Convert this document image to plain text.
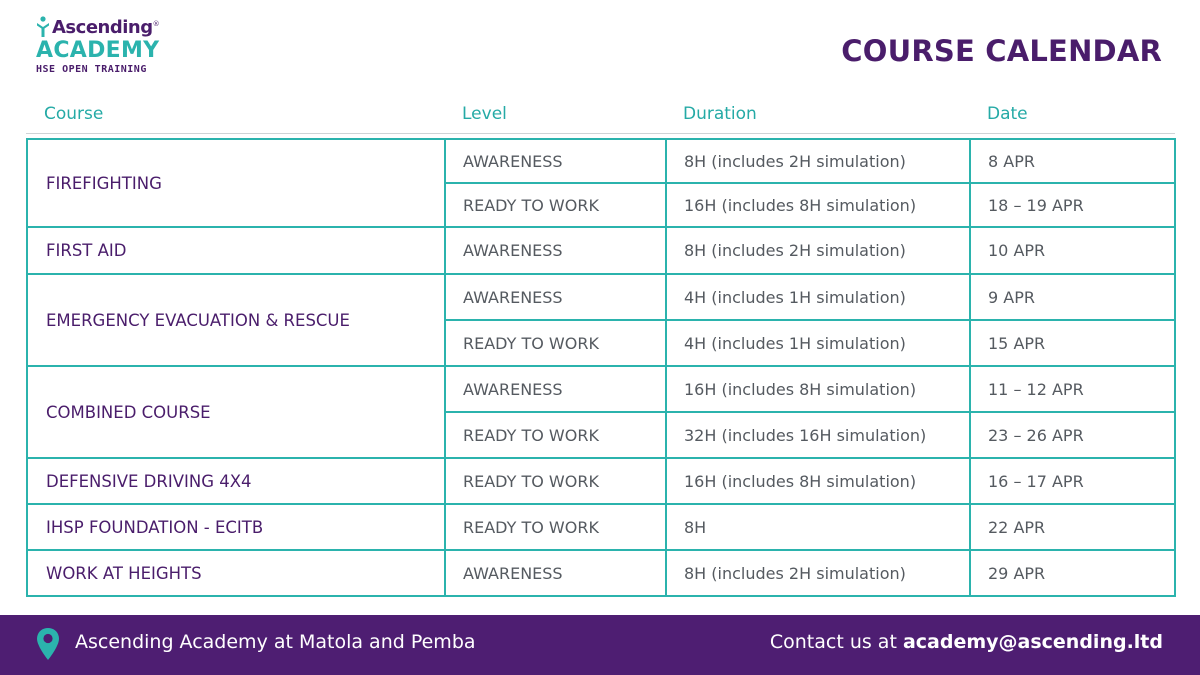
Ascending®
ACADEMY
HSE OPEN TRAINING
COURSE CALENDAR
Course	Level	Duration	Date
FIREFIGHTING	AWARENESS	8H (includes 2H simulation)	8 APR
	READY TO WORK	16H (includes 8H simulation)	18 – 19 APR
FIRST AID	AWARENESS	8H (includes 2H simulation)	10 APR
EMERGENCY EVACUATION & RESCUE	AWARENESS	4H (includes 1H simulation)	9 APR
	READY TO WORK	4H (includes 1H simulation)	15 APR
COMBINED COURSE	AWARENESS	16H (includes 8H simulation)	11 – 12 APR
	READY TO WORK	32H (includes 16H simulation)	23 – 26 APR
DEFENSIVE DRIVING 4X4	READY TO WORK	16H (includes 8H simulation)	16 – 17 APR
IHSP FOUNDATION - ECITB	READY TO WORK	8H	22 APR
WORK AT HEIGHTS	AWARENESS	8H (includes 2H simulation)	29 APR
Ascending Academy at Matola and Pemba	Contact us at academy@ascending.ltd
